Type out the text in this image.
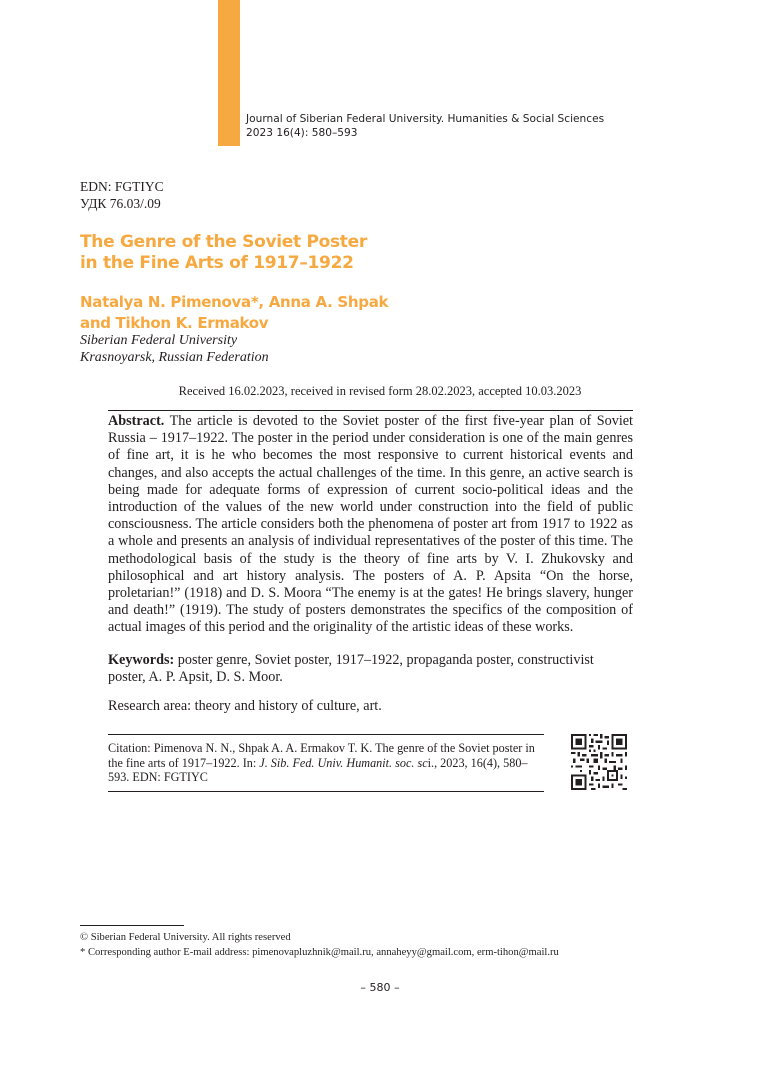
Journal of Siberian Federal University. Humanities & Social Sciences
2023 16(4): 580–593
EDN: FGTIYC
УДК 76.03/.09
The Genre of the Soviet Poster
in the Fine Arts of 1917–1922
Natalya N. Pimenova*, Anna A. Shpak
and Tikhon K. Ermakov
Siberian Federal University
Krasnoyarsk, Russian Federation
Received 16.02.2023, received in revised form 28.02.2023, accepted 10.03.2023
Abstract. The article is devoted to the Soviet poster of the first five-year plan of Soviet Russia – 1917–1922. The poster in the period under consideration is one of the main genres of fine art, it is he who becomes the most responsive to current historical events and changes, and also accepts the actual challenges of the time. In this genre, an active search is being made for adequate forms of expression of current socio-political ideas and the introduction of the values of the new world under construction into the field of public consciousness. The article considers both the phenomena of poster art from 1917 to 1922 as a whole and presents an analysis of individual representatives of the poster of this time. The methodological basis of the study is the theory of fine arts by V. I. Zhukovsky and philosophical and art history analysis. The posters of A. P. Apsita “On the horse, proletarian!” (1918) and D. S. Moora “The enemy is at the gates! He brings slavery, hunger and death!” (1919). The study of posters demonstrates the specifics of the composition of actual images of this period and the originality of the artistic ideas of these works.
Keywords: poster genre, Soviet poster, 1917–1922, propaganda poster, constructivist poster, A. P. Apsit, D. S. Moor.
Research area: theory and history of culture, art.
Citation: Pimenova N. N., Shpak A. A. Ermakov T. K. The genre of the Soviet poster in the fine arts of 1917–1922. In: J. Sib. Fed. Univ. Humanit. soc. sci., 2023, 16(4), 580–593. EDN: FGTIYC
© Siberian Federal University. All rights reserved
* Corresponding author E-mail address: pimenovapluzhnik@mail.ru, annaheyy@gmail.com, erm-tihon@mail.ru
– 580 –
